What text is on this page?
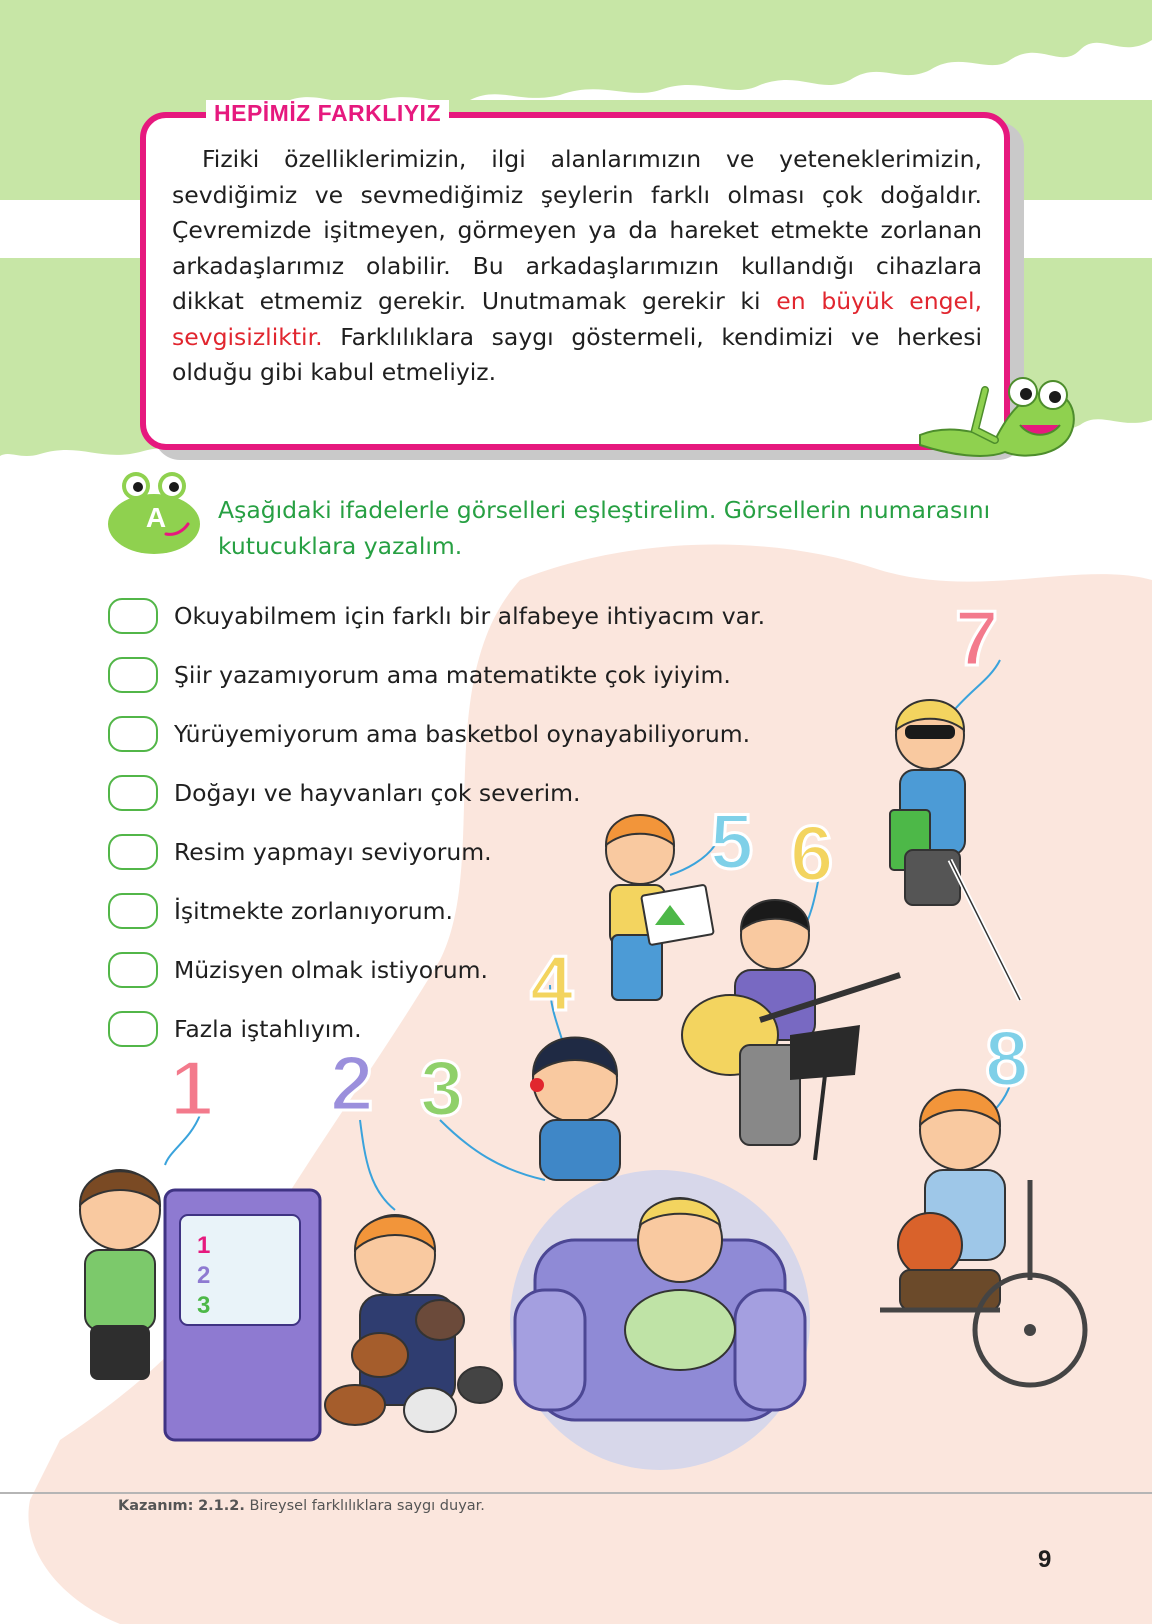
HEPİMİZ FARKLIYIZ

Fiziki özelliklerimizin, ilgi alanlarımızın ve yeteneklerimizin, sevdiğimiz ve sevmediğimiz şeylerin farklı olması çok doğaldır. Çevremizde işitmeyen, görmeyen ya da hareket etmekte zorlanan arkadaşlarımız olabilir. Bu arkadaşlarımızın kullandığı cihazlara dikkat etmemiz gerekir. Unutmamak gerekir ki en büyük engel, sevgisizliktir. Farklılıklara saygı göstermeli, kendimizi ve herkesi olduğu gibi kabul etmeliyiz.

A Aşağıdaki ifadelerle görselleri eşleştirelim. Görsellerin numarasını kutucuklara yazalım.
Okuyabilmem için farklı bir alfabeye ihtiyacım var.
Şiir yazamıyorum ama matematikte çok iyiyim.
Yürüyemiyorum ama basketbol oynayabiliyorum.
Doğayı ve hayvanları çok severim.
Resim yapmayı seviyorum.
İşitmekte zorlanıyorum.
Müzisyen olmak istiyorum.
Fazla iştahlıyım.
1
2
3
1 2 3
4
5 6
7
8
Kazanım: 2.1.2. Bireysel farklılıklara saygı duyar.
9
